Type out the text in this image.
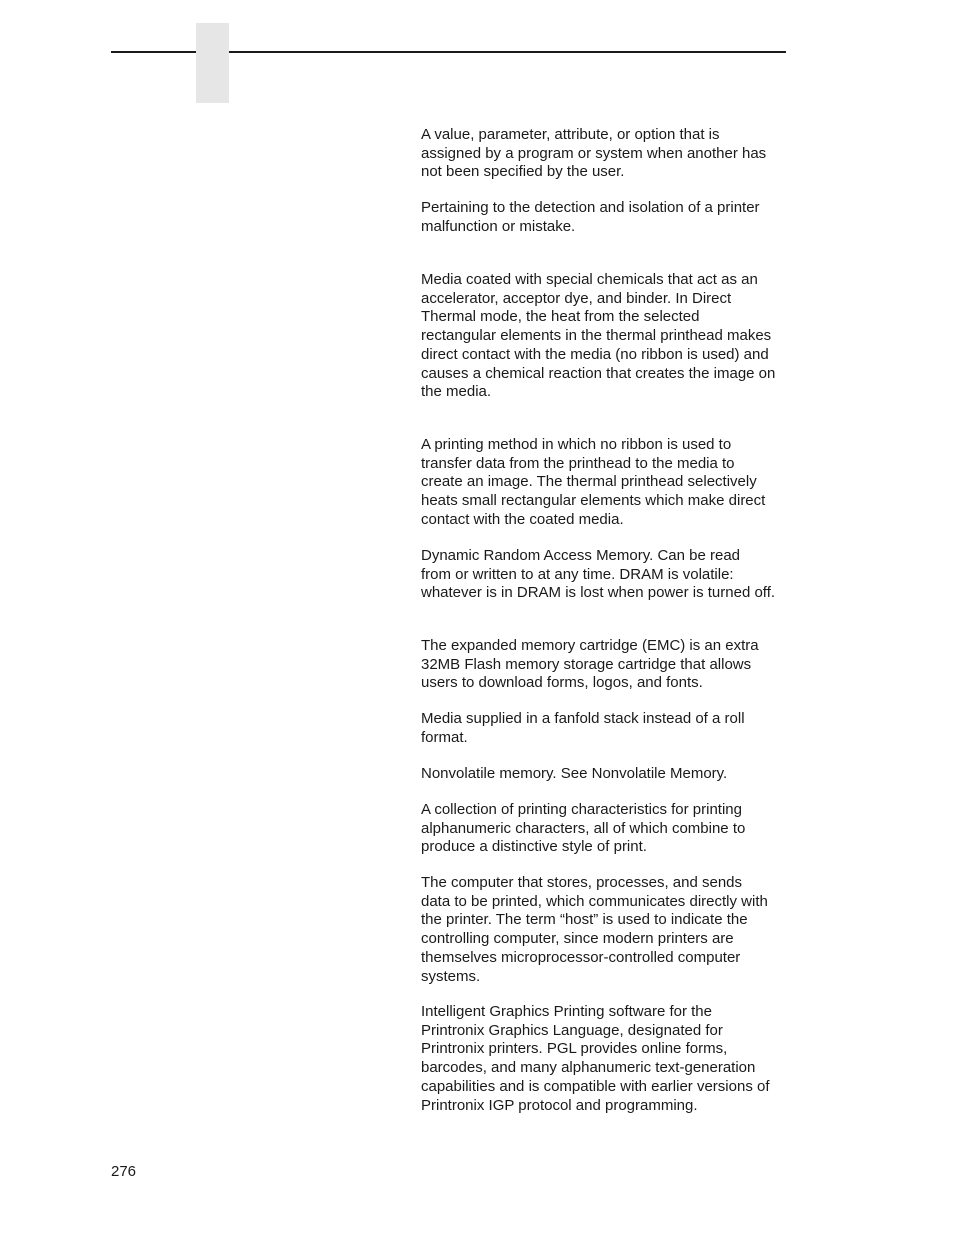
A value, parameter, attribute, or option that is
assigned by a program or system when another has
not been specified by the user.

Pertaining to the detection and isolation of a printer
malfunction or mistake.

Media coated with special chemicals that act as an
accelerator, acceptor dye, and binder. In Direct
Thermal mode, the heat from the selected
rectangular elements in the thermal printhead makes
direct contact with the media (no ribbon is used) and
causes a chemical reaction that creates the image on
the media.

A printing method in which no ribbon is used to
transfer data from the printhead to the media to
create an image. The thermal printhead selectively
heats small rectangular elements which make direct
contact with the coated media.

Dynamic Random Access Memory. Can be read
from or written to at any time. DRAM is volatile:
whatever is in DRAM is lost when power is turned off.

The expanded memory cartridge (EMC) is an extra
32MB Flash memory storage cartridge that allows
users to download forms, logos, and fonts.

Media supplied in a fanfold stack instead of a roll
format.

Nonvolatile memory. See Nonvolatile Memory.

A collection of printing characteristics for printing
alphanumeric characters, all of which combine to
produce a distinctive style of print.

The computer that stores, processes, and sends
data to be printed, which communicates directly with
the printer. The term “host” is used to indicate the
controlling computer, since modern printers are
themselves microprocessor-controlled computer
systems.

Intelligent Graphics Printing software for the
Printronix Graphics Language, designated for
Printronix printers. PGL provides online forms,
barcodes, and many alphanumeric text-generation
capabilities and is compatible with earlier versions of
Printronix IGP protocol and programming.

276
